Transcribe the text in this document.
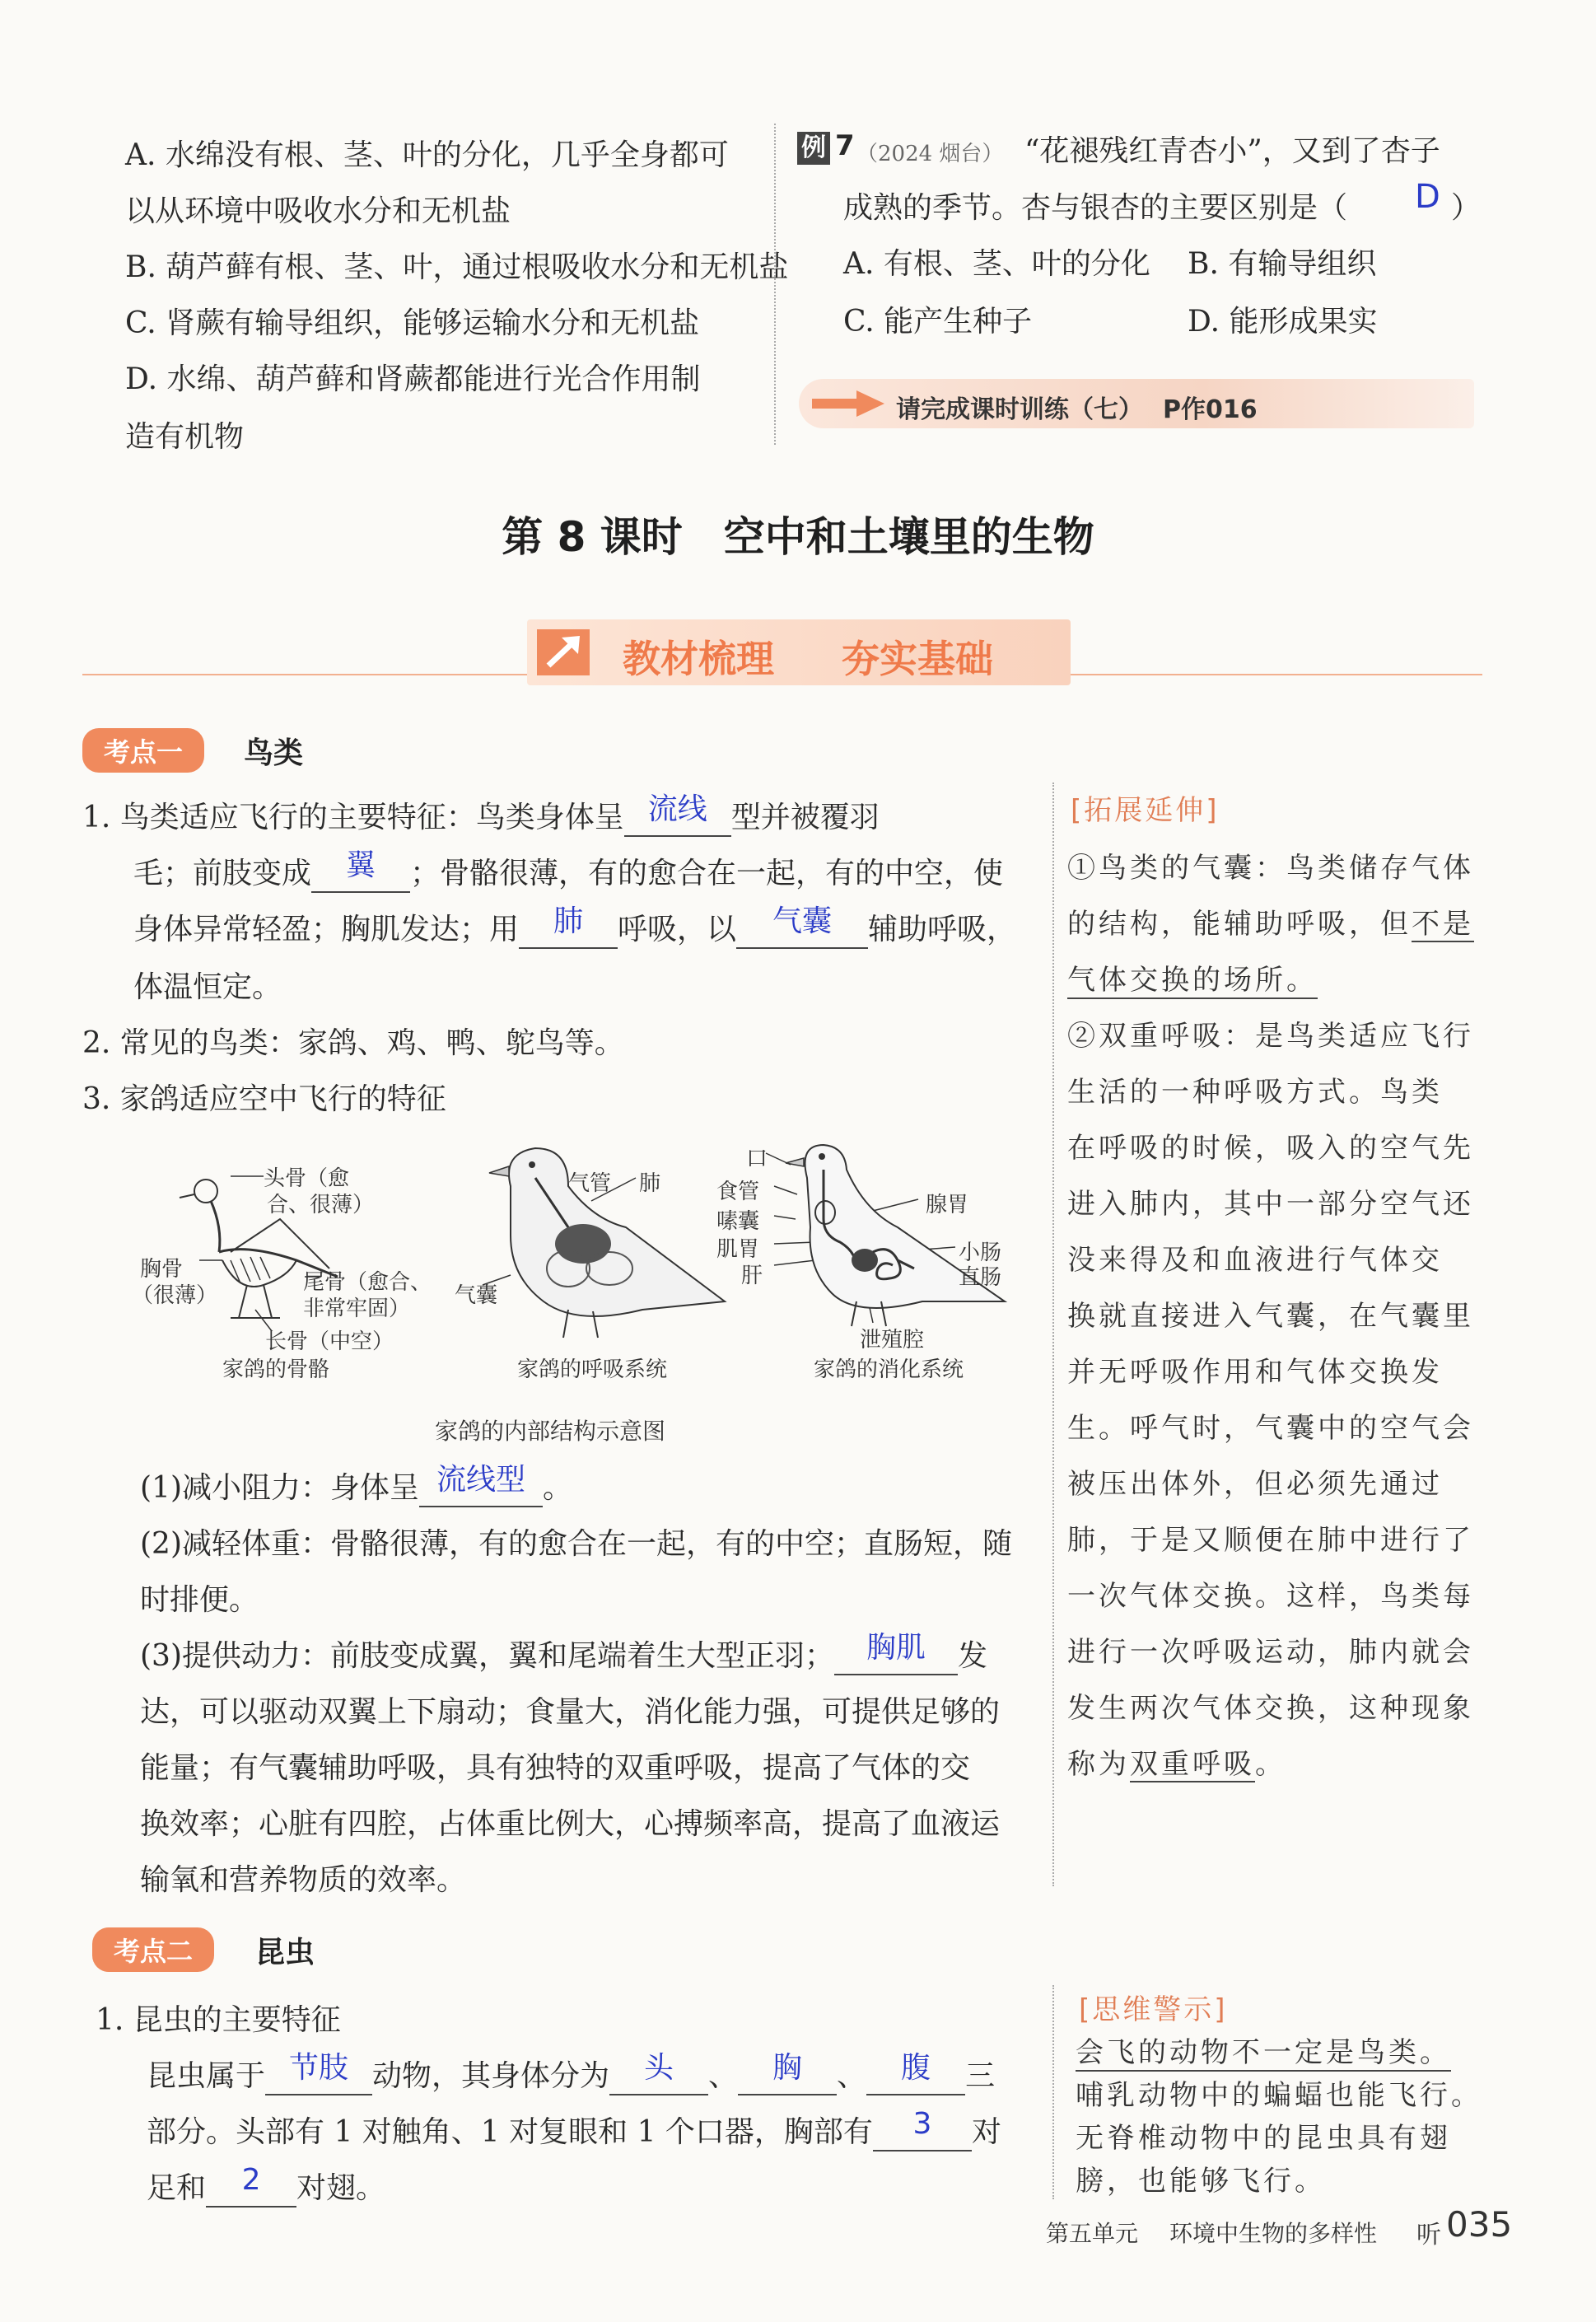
A. 水绵没有根、茎、叶的分化，几乎全身都可
以从环境中吸收水分和无机盐
B. 葫芦藓有根、茎、叶，通过根吸收水分和无机盐
C. 肾蕨有输导组织，能够运输水分和无机盐
D. 水绵、葫芦藓和肾蕨都能进行光合作用制
造有机物
例 7 （2024 烟台） “花褪残红青杏小”，又到了杏子
成熟的季节。杏与银杏的主要区别是（ D ）
A. 有根、茎、叶的分化 B. 有输导组织
C. 能产生种子	D. 能形成果实
请完成课时训练（七） P作016
第 8 课时　空中和土壤里的生物
教材梳理 夯实基础
考点一	鸟类
1. 鸟类适应飞行的主要特征：鸟类身体呈 流线 型并被覆羽
毛；前肢变成 翼 ；骨骼很薄，有的愈合在一起，有的中空，使
身体异常轻盈；胸肌发达；用 肺 呼吸，以 气囊 辅助呼吸，
体温恒定。
2. 常见的鸟类：家鸽、鸡、鸭、鸵鸟等。
3. 家鸽适应空中飞行的特征
头骨（愈
合、很薄）
胸骨
（很薄）
尾骨（愈合、
非常牢固）
长骨（中空）
家鸽的骨骼
气管 肺
气囊
家鸽的呼吸系统
口
食管
嗉囊
肌胃
肝
腺胃
小肠
直肠
泄殖腔
家鸽的消化系统
家鸽的内部结构示意图
(1)减小阻力：身体呈 流线型 。
(2)减轻体重：骨骼很薄，有的愈合在一起，有的中空；直肠短，随
时排便。
(3)提供动力：前肢变成翼，翼和尾端着生大型正羽； 胸肌 发
达，可以驱动双翼上下扇动；食量大，消化能力强，可提供足够的
能量；有气囊辅助呼吸，具有独特的双重呼吸，提高了气体的交
换效率；心脏有四腔，占体重比例大，心搏频率高，提高了血液运
输氧和营养物质的效率。
[拓展延伸]
①鸟类的气囊：鸟类储存气体
的结构，能辅助呼吸，但不是
气体交换的场所。
②双重呼吸：是鸟类适应飞行
生活的一种呼吸方式。鸟类
在呼吸的时候，吸入的空气先
进入肺内，其中一部分空气还
没来得及和血液进行气体交
换就直接进入气囊，在气囊里
并无呼吸作用和气体交换发
生。呼气时，气囊中的空气会
被压出体外，但必须先通过
肺，于是又顺便在肺中进行了
一次气体交换。这样，鸟类每
进行一次呼吸运动，肺内就会
发生两次气体交换，这种现象
称为双重呼吸。
考点二	昆虫
1. 昆虫的主要特征
昆虫属于 节肢 动物，其身体分为 头 、 胸 、 腹 三
部分。头部有 1 对触角、1 对复眼和 1 个口器，胸部有 3 对
足和 2 对翅。
[思维警示]
会飞的动物不一定是鸟类。
哺乳动物中的蝙蝠也能飞行。
无脊椎动物中的昆虫具有翅
膀，也能够飞行。
第五单元 环境中生物的多样性 听 035
